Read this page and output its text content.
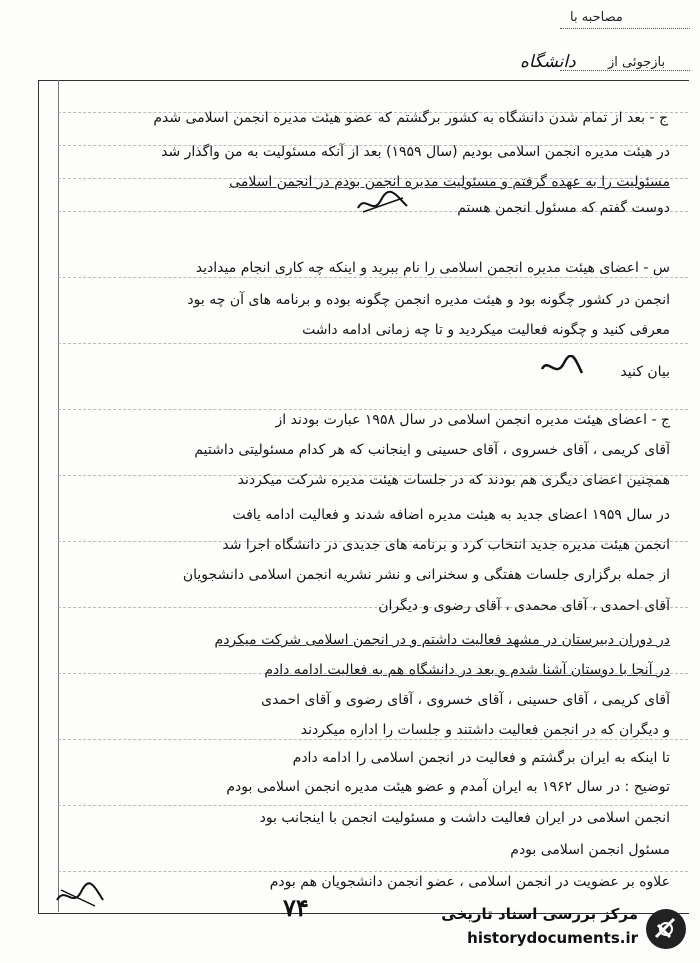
مصاحبه با
بازجوئی از
دانشگاه
ج - بعد از تمام شدن دانشگاه به کشور برگشتم که عضو هیئت مدیره انجمن اسلامی شدم
در هیئت مدیره انجمن اسلامی بودیم (سال ۱۹۵۹) بعد از آنکه مسئولیت به من واگذار شد
مسئولیت را به عهده گرفتم و مسئولیت مدیره انجمن بودم در انجمن اسلامی
دوست گفتم که مسئول انجمن هستم
س - اعضای هیئت مدیره انجمن اسلامی را نام ببرید و اینکه چه کاری انجام میدادید
انجمن در کشور چگونه بود و هیئت مدیره انجمن چگونه بوده و برنامه های آن چه بود
معرفی کنید و چگونه فعالیت میکردید و تا چه زمانی ادامه داشت
بیان کنید
ج - اعضای هیئت مدیره انجمن اسلامی در سال ۱۹۵۸ عبارت بودند از
آقای کریمی ، آقای خسروی ، آقای حسینی و اینجانب که هر کدام مسئولیتی داشتیم
همچنین اعضای دیگری هم بودند که در جلسات هیئت مدیره شرکت میکردند
در سال ۱۹۵۹ اعضای جدید به هیئت مدیره اضافه شدند و فعالیت ادامه یافت
انجمن هیئت مدیره جدید انتخاب کرد و برنامه های جدیدی در دانشگاه اجرا شد
از جمله برگزاری جلسات هفتگی و سخنرانی و نشر نشریه انجمن اسلامی دانشجویان
آقای احمدی ، آقای محمدی ، آقای رضوی و دیگران
در دوران دبیرستان در مشهد فعالیت داشتم و در انجمن اسلامی شرکت میکردم
در آنجا با دوستان آشنا شدم و بعد در دانشگاه هم به فعالیت ادامه دادم
آقای کریمی ، آقای حسینی ، آقای خسروی ، آقای رضوی و آقای احمدی
و دیگران که در انجمن فعالیت داشتند و جلسات را اداره میکردند
تا اینکه به ایران برگشتم و فعالیت در انجمن اسلامی را ادامه دادم
توضیح : در سال ۱۹۶۲ به ایران آمدم و عضو هیئت مدیره انجمن اسلامی بودم
انجمن اسلامی در ایران فعالیت داشت و مسئولیت انجمن با اینجانب بود
مسئول انجمن اسلامی بودم
علاوه بر عضویت در انجمن اسلامی ، عضو انجمن دانشجویان هم بودم
۷۴	مرکز بررسی اسناد تاریخی
historydocuments.ir
